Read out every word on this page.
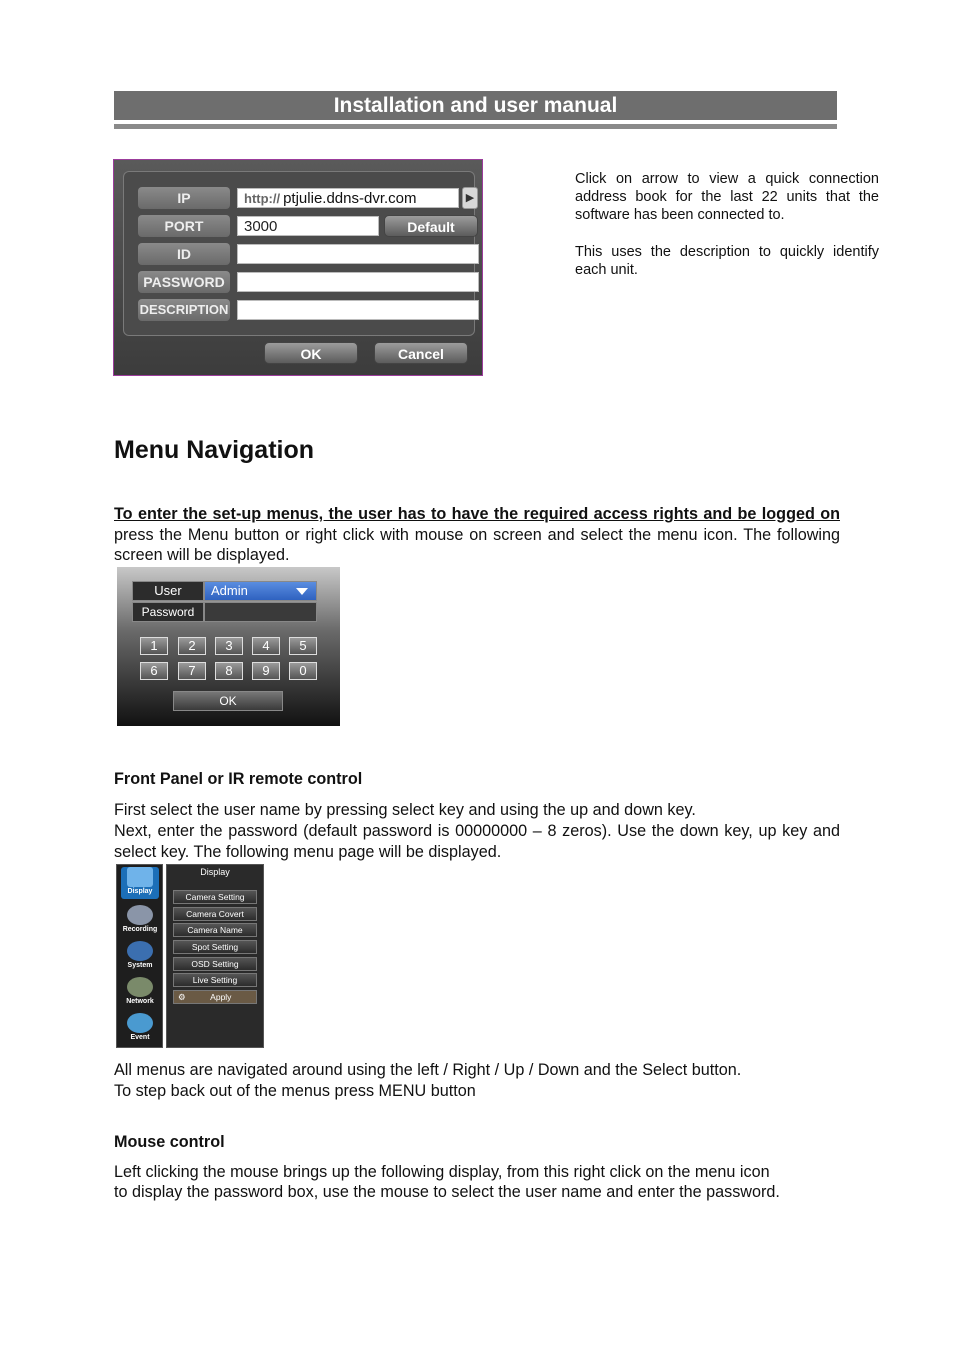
Installation and user manual
IP	http:// ptjulie.ddns-dvr.com	▶
PORT	3000	Default
ID
PASSWORD
DESCRIPTION
OK	Cancel
Click on arrow to view a quick connection address book for the last 22 units that the software has been connected to.
This uses the description to quickly identify each unit.
Menu Navigation
To enter the set-up menus, the user has to have the required access rights and be logged on press the Menu button or right click with mouse on screen and select the menu icon. The following screen will be displayed.
User	Admin
Password
1	2	3	4	5
6	7	8	9	0
OK
Front Panel or IR remote control
First select the user name by pressing select key and using the up and down key.
Next, enter the password (default password is 00000000 – 8 zeros). Use the down key, up key and select key. The following menu page will be displayed.
Display
Recording
System
Network
Event
Display
Camera Setting
Camera Covert
Camera Name
Spot Setting
OSD Setting
Live Setting
⚙	Apply
All menus are navigated around using the left / Right / Up / Down and the Select button.
To step back out of the menus press MENU button
Mouse control
Left clicking the mouse brings up the following display, from this right click on the menu icon
to display the password box, use the mouse to select the user name and enter the password.
